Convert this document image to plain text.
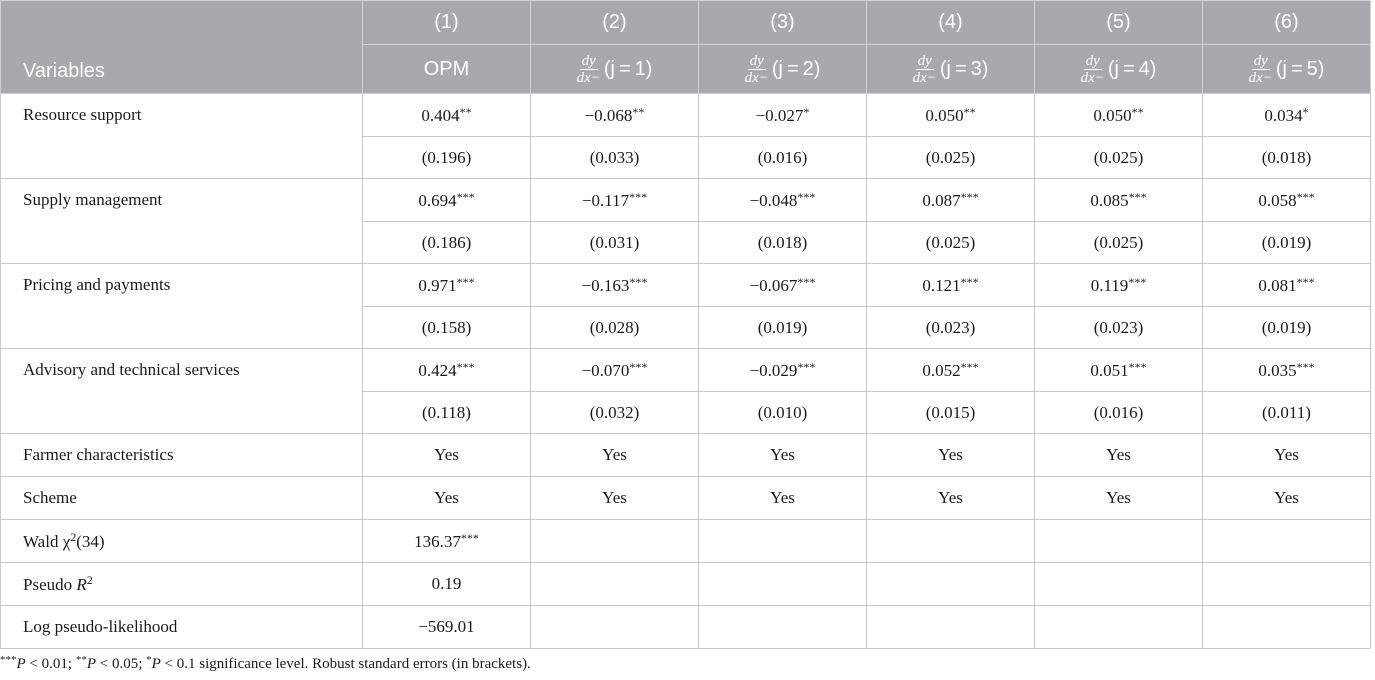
Variables	(1)	(2)	(3)	(4)	(5)	(6)
	OPM	$\frac{dy}{dx-} (j = 1)$	$\frac{dy}{dx-} (j = 2)$	$\frac{dy}{dx-} (j = 3)$	$\frac{dy}{dx-} (j = 4)$	$\frac{dy}{dx-} (j = 5)$
Resource support	0.404**	−0.068**	−0.027*	0.050**	0.050**	0.034*
	(0.196)	(0.033)	(0.016)	(0.025)	(0.025)	(0.018)
Supply management	0.694***	−0.117***	−0.048***	0.087***	0.085***	0.058***
	(0.186)	(0.031)	(0.018)	(0.025)	(0.025)	(0.019)
Pricing and payments	0.971***	−0.163***	−0.067***	0.121***	0.119***	0.081***
	(0.158)	(0.028)	(0.019)	(0.023)	(0.023)	(0.019)
Advisory and technical services	0.424***	−0.070***	−0.029***	0.052***	0.051***	0.035***
	(0.118)	(0.032)	(0.010)	(0.015)	(0.016)	(0.011)
Farmer characteristics	Yes	Yes	Yes	Yes	Yes	Yes
Scheme	Yes	Yes	Yes	Yes	Yes	Yes
Wald $\chi^2(34)$	136.37***					
Pseudo $R^2$	0.19					
Log pseudo-likelihood	−569.01					
***P < 0.01; **P < 0.05; *P < 0.1 significance level. Robust standard errors (in brackets).
